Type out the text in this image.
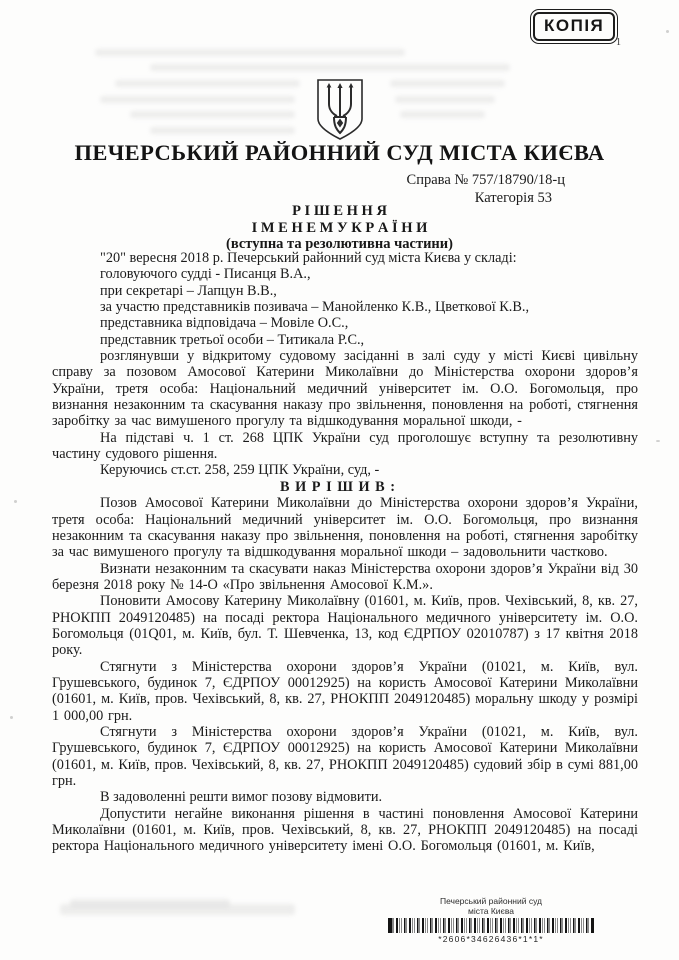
КОПІЯ
1
ПЕЧЕРСЬКИЙ РАЙОННИЙ СУД МІСТА КИЄВА
Справа № 757/18790/18-ц
Категорія 53
Р І Ш Е Н Н Я
І М Е Н Е М У К Р А Ї Н И
(вступна та резолютивна частини)

"20" вересня 2018 р. Печерський районний суд міста Києва у складі:

головуючого судді - Писанця В.А.,

при секретарі – Лапцун В.В.,

за участю представників позивача – Манойленко К.В., Цветкової К.В.,

представника відповідача – Мовіле О.С.,

представник третьої особи – Титикала Р.С.,

розглянувши у відкритому судовому засіданні в залі суду у місті Києві цивільну справу за позовом Амосової Катерини Миколаївни до Міністерства охорони здоров’я України, третя особа: Національний медичний університет ім. О.О. Богомольця, про визнання незаконним та скасування наказу про звільнення, поновлення на роботі, стягнення заробітку за час вимушеного прогулу та відшкодування моральної шкоди, -

На підставі ч. 1 ст. 268 ЦПК України суд проголошує вступну та резолютивну частину судового рішення.

Керуючись ст.ст. 258, 259 ЦПК України, суд, -

В И Р І Ш И В :

Позов Амосової Катерини Миколаївни до Міністерства охорони здоров’я України, третя особа: Національний медичний університет ім. О.О. Богомольця, про визнання незаконним та скасування наказу про звільнення, поновлення на роботі, стягнення заробітку за час вимушеного прогулу та відшкодування моральної шкоди – задовольнити частково.

Визнати незаконним та скасувати наказ Міністерства охорони здоров’я України від 30 березня 2018 року № 14-О «Про звільнення Амосової К.М.».

Поновити Амосову Катерину Миколаївну (01601, м. Київ, пров. Чехівський, 8, кв. 27, РНОКПП 2049120485) на посаді ректора Національного медичного університету ім. О.О. Богомольця (01Q01, м. Київ, бул. Т. Шевченка, 13, код ЄДРПОУ 02010787) з 17 квітня 2018 року.

Стягнути з Міністерства охорони здоров’я України (01021, м. Київ, вул. Грушевського, будинок 7, ЄДРПОУ 00012925) на користь Амосової Катерини Миколаївни (01601, м. Київ, пров. Чехівський, 8, кв. 27, РНОКПП 2049120485) моральну шкоду у розмірі 1 000,00 грн.

Стягнути з Міністерства охорони здоров’я України (01021, м. Київ, вул. Грушевського, будинок 7, ЄДРПОУ 00012925) на користь Амосової Катерини Миколаївни (01601, м. Київ, пров. Чехівський, 8, кв. 27, РНОКПП 2049120485) судовий збір в сумі 881,00 грн.

В задоволенні решти вимог позову відмовити.

Допустити негайне виконання рішення в частині поновлення Амосової Катерини Миколаївни (01601, м. Київ, пров. Чехівський, 8, кв. 27, РНОКПП 2049120485) на посаді ректора Національного медичного університету імені О.О. Богомольця (01601, м. Київ,

Печерський районний суд
міста Києва
*2606*34626436*1*1*
